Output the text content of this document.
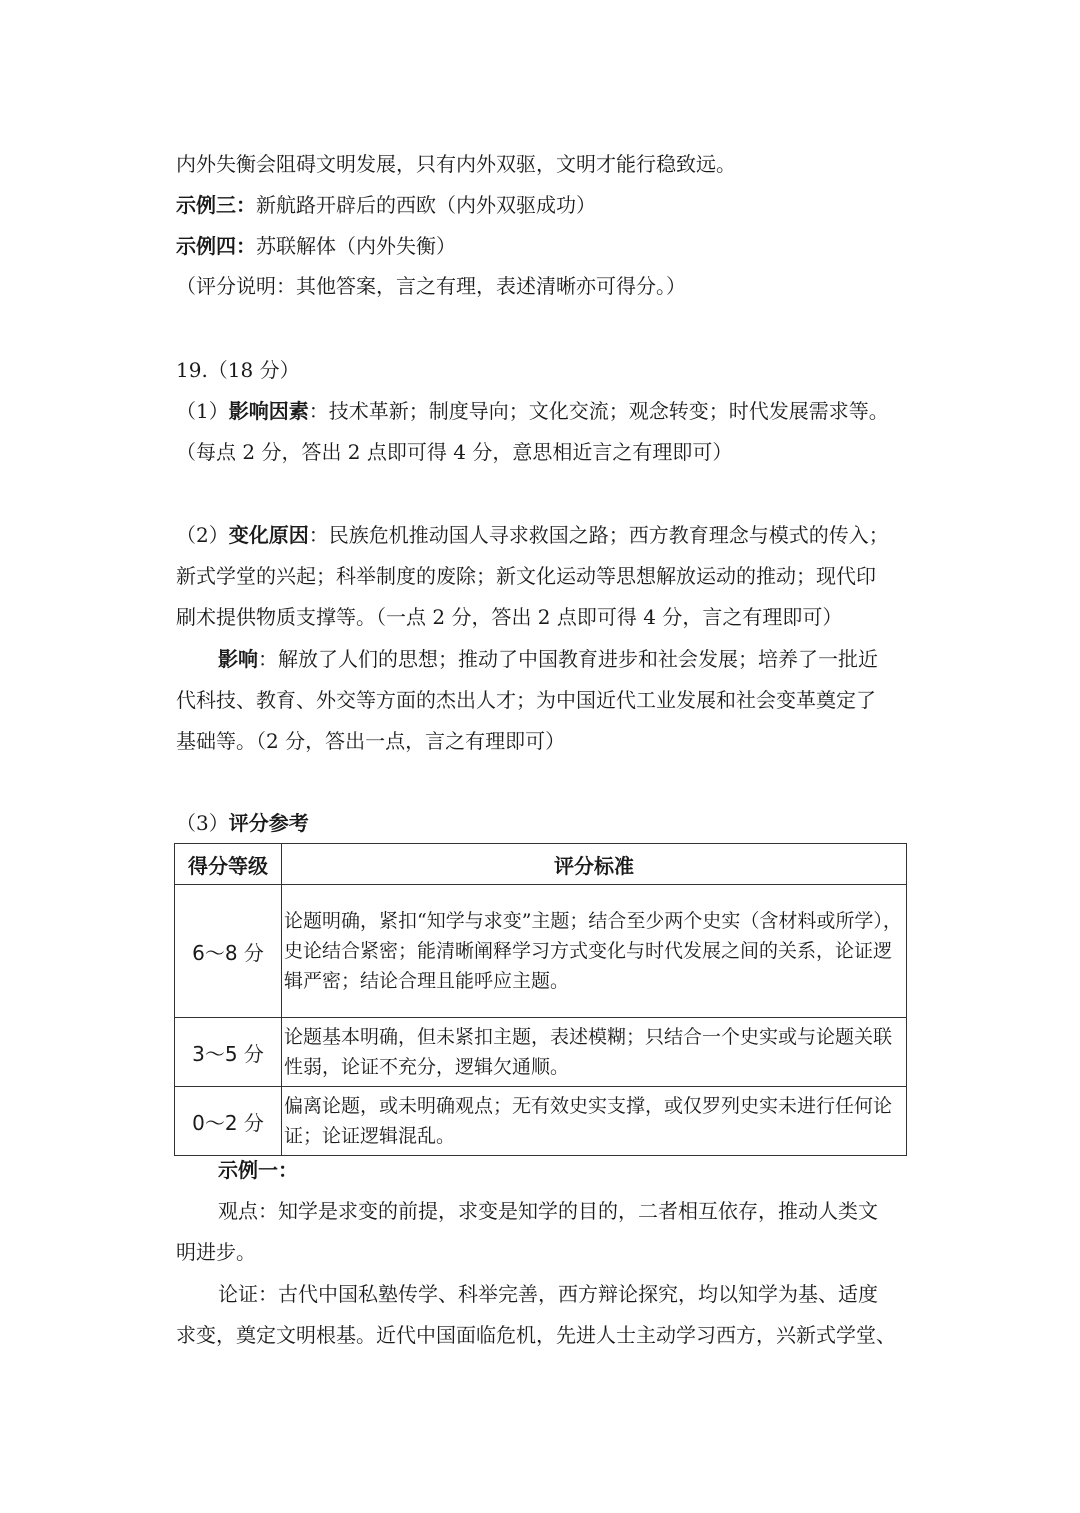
内外失衡会阻碍文明发展，只有内外双驱，文明才能行稳致远。
示例三：新航路开辟后的西欧（内外双驱成功）
示例四：苏联解体（内外失衡）
（评分说明：其他答案，言之有理，表述清晰亦可得分。）
19.（18 分）
（1）影响因素：技术革新；制度导向；文化交流；观念转变；时代发展需求等。
（每点 2 分，答出 2 点即可得 4 分，意思相近言之有理即可）
（2）变化原因：民族危机推动国人寻求救国之路；西方教育理念与模式的传入；
新式学堂的兴起；科举制度的废除；新文化运动等思想解放运动的推动；现代印
刷术提供物质支撑等。（一点 2 分，答出 2 点即可得 4 分，言之有理即可）
影响：解放了人们的思想；推动了中国教育进步和社会发展；培养了一批近
代科技、教育、外交等方面的杰出人才；为中国近代工业发展和社会变革奠定了
基础等。（2 分，答出一点，言之有理即可）
（3）评分参考
得分等级	评分标准
6～8 分	论题明确，紧扣“知学与求变”主题；结合至少两个史实（含材料或所学），史论结合紧密；能清晰阐释学习方式变化与时代发展之间的关系，论证逻辑严密；结论合理且能呼应主题。
3～5 分	论题基本明确，但未紧扣主题，表述模糊；只结合一个史实或与论题关联性弱，论证不充分，逻辑欠通顺。
0～2 分	偏离论题，或未明确观点；无有效史实支撑，或仅罗列史实未进行任何论证；论证逻辑混乱。
示例一：
观点：知学是求变的前提，求变是知学的目的，二者相互依存，推动人类文
明进步。
论证：古代中国私塾传学、科举完善，西方辩论探究，均以知学为基、适度
求变，奠定文明根基。近代中国面临危机，先进人士主动学习西方，兴新式学堂、
